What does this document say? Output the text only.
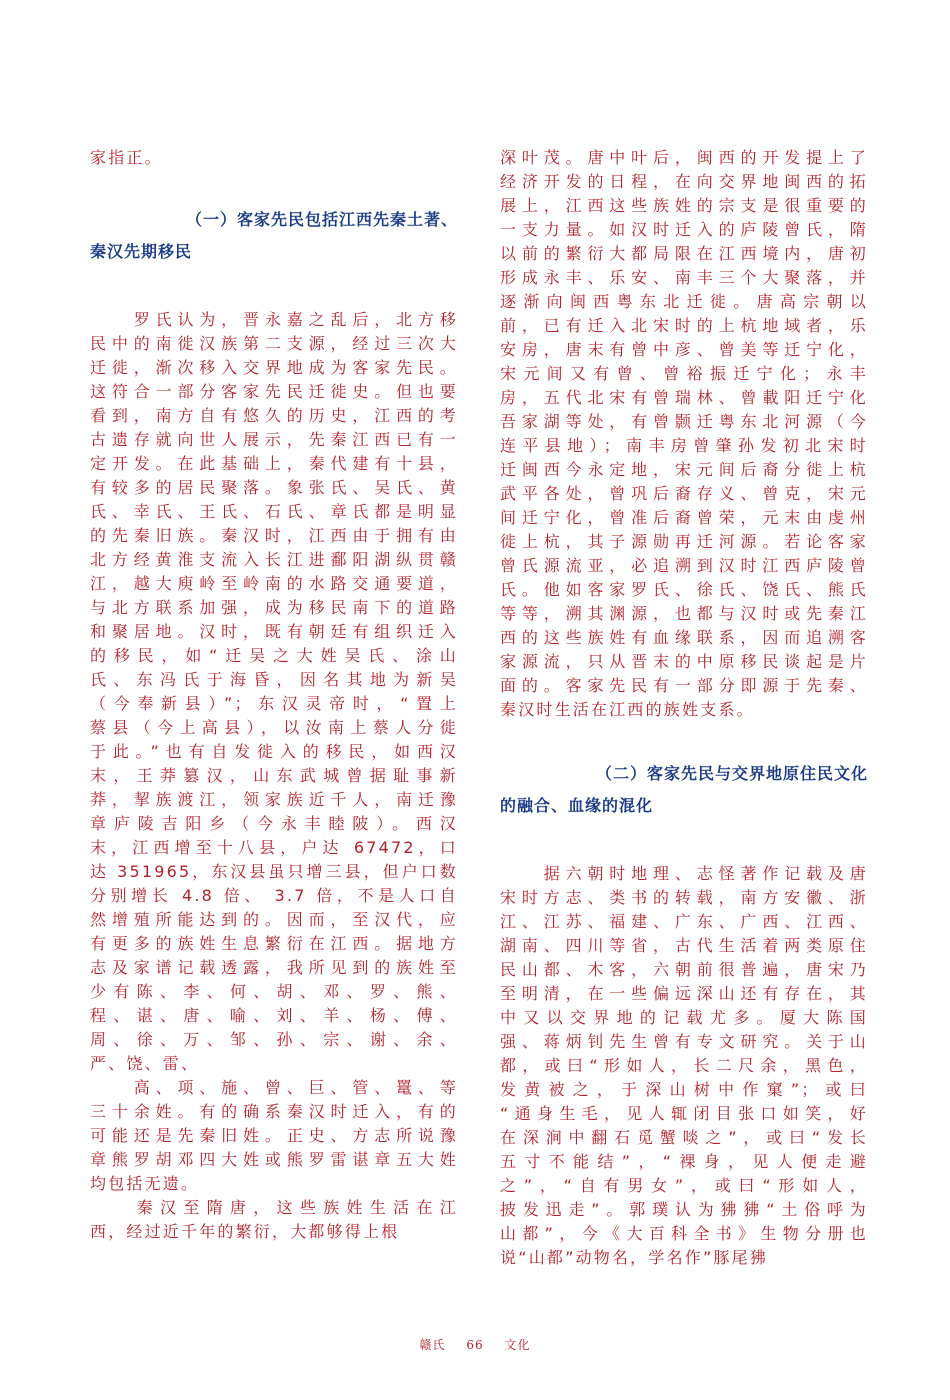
家指正。
（一）客家先民包括江西先秦土著、
秦汉先期移民
　　罗氏认为，晋永嘉之乱后，北方移
民中的南徙汉族第二支源，经过三次大
迁徙，渐次移入交界地成为客家先民。
这符合一部分客家先民迁徙史。但也要
看到，南方自有悠久的历史，江西的考
古遗存就向世人展示，先秦江西已有一
定开发。在此基础上，秦代建有十县，
有较多的居民聚落。象张氏、吴氏、黄
氏、幸氏、王氏、石氏、章氏都是明显
的先秦旧族。秦汉时，江西由于拥有由
北方经黄淮支流入长江进鄱阳湖纵贯赣
江，越大庾岭至岭南的水路交通要道，
与北方联系加强，成为移民南下的道路
和聚居地。汉时，既有朝廷有组织迁入
的移民，如“迁吴之大姓吴氏、涂山
氏、东冯氏于海昏，因名其地为新吴
（今奉新县）”；东汉灵帝时，“置上
蔡县（今上高县），以汝南上蔡人分徙
于此。”也有自发徙入的移民，如西汉
末，王莽篡汉，山东武城曾据耻事新
莽，挈族渡江，领家族近千人，南迁豫
章庐陵吉阳乡（今永丰睦陂）。西汉
末，江西增至十八县，户达 67472，口
达 351965，东汉县虽只增三县，但户口数
分别增长 4.8 倍、 3.7 倍，不是人口自
然增殖所能达到的。因而，至汉代，应
有更多的族姓生息繁衍在江西。据地方
志及家谱记载透露，我所见到的族姓至
少有陈、李、何、胡、邓、罗、熊、
程、谌、唐、喻、刘、羊、杨、傅、
周、徐、万、邹、孙、宗、谢、余、
严、饶、雷、
　　高、项、施、曾、巨、管、鼍、等
三十余姓。有的确系秦汉时迁入，有的
可能还是先秦旧姓。正史、方志所说豫
章熊罗胡邓四大姓或熊罗雷谌章五大姓
均包括无遗。
　　秦汉至隋唐，这些族姓生活在江
西，经过近千年的繁衍，大都够得上根
深叶茂。唐中叶后，闽西的开发提上了
经济开发的日程，在向交界地闽西的拓
展上，江西这些族姓的宗支是很重要的
一支力量。如汉时迁入的庐陵曾氏，隋
以前的繁衍大都局限在江西境内，唐初
形成永丰、乐安、南丰三个大聚落，并
逐渐向闽西粤东北迁徙。唐高宗朝以
前，已有迁入北宋时的上杭地域者，乐
安房，唐末有曾中彦、曾美等迁宁化，
宋元间又有曾、曾裕振迁宁化；永丰
房，五代北宋有曾瑞林、曾載阳迁宁化
吾家湖等处，有曾颢迁粤东北河源（今
连平县地）；南丰房曾肇孙发初北宋时
迁闽西今永定地，宋元间后裔分徙上杭
武平各处，曾巩后裔存义、曾克，宋元
间迁宁化，曾准后裔曾荣，元末由虔州
徙上杭，其子源勋再迁河源。若论客家
曾氏源流亚，必追溯到汉时江西庐陵曾
氏。他如客家罗氏、徐氏、饶氏、熊氏
等等，溯其渊源，也都与汉时或先秦江
西的这些族姓有血缘联系，因而追溯客
家源流，只从晋末的中原移民谈起是片
面的。客家先民有一部分即源于先秦、
秦汉时生活在江西的族姓支系。
（二）客家先民与交界地原住民文化
的融合、血缘的混化
　　据六朝时地理、志怪著作记载及唐
宋时方志、类书的转载，南方安徽、浙
江、江苏、福建、广东、广西、江西、
湖南、四川等省，古代生活着两类原住
民山都、木客，六朝前很普遍，唐宋乃
至明清，在一些偏远深山还有存在，其
中又以交界地的记载尤多。厦大陈国
强、蒋炳钊先生曾有专文研究。关于山
都，或曰“形如人，长二尺余，黑色，
发黄被之，于深山树中作窠”；或曰
“通身生毛，见人辄闭目张口如笑，好
在深涧中翻石觅蟹啖之”，或曰“发长
五寸不能结”，“裸身，见人便走避
之”，“自有男女”，或曰“形如人，
披发迅走”。郭璞认为狒狒“土俗呼为
山都”，今《大百科全书》生物分册也
说“山都”动物名，学名作”豚尾狒
赣氏 66 文化
